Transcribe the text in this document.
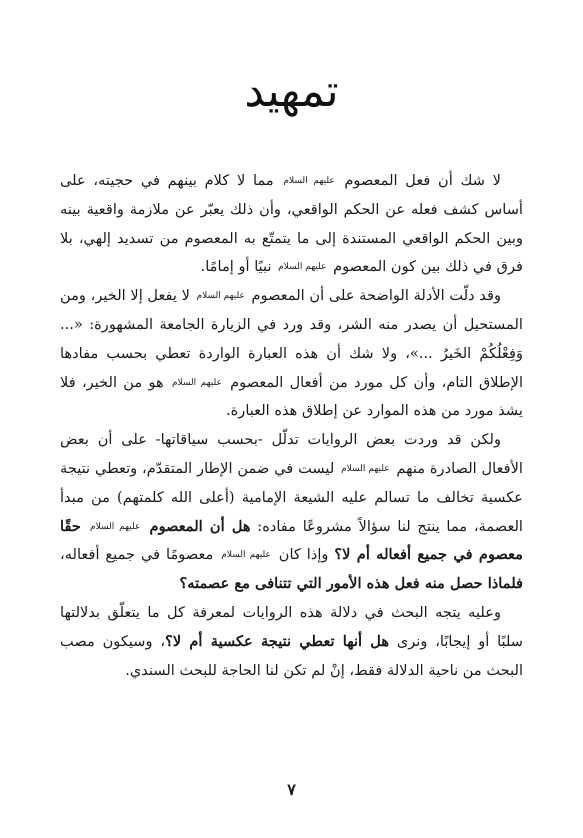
تمهيد

لا شك أن فعل المعصوم عليهم السلام مما لا كلام بينهم في حجيته، على أساس كشف فعله عن الحكم الواقعي، وأن ذلك يعبّر عن ملازمة واقعية بينه وبين الحكم الواقعي المستندة إلى ما يتمتّع به المعصوم من تسديد إلهي، بلا فرق في ذلك بين كون المعصوم عليهم السلام نبيًا أو إمامًا.

وقد دلّت الأدلة الواضحة على أن المعصوم عليهم السلام لا يفعل إلا الخير، ومن المستحيل أن يصدر منه الشر، وقد ورد في الزيارة الجامعة المشهورة: «... وَفِعْلُكُمْ الخَيرُ ...»، ولا شك أن هذه العبارة الواردة تعطي بحسب مفادها الإطلاق التام، وأن كل مورد من أفعال المعصوم عليهم السلام هو من الخير، فلا يشذ مورد من هذه الموارد عن إطلاق هذه العبارة.

ولكن قد وردت بعض الروايات تدلّل -بحسب سياقاتها- على أن بعض الأفعال الصادرة منهم عليهم السلام ليست في ضمن الإطار المتقدّم، وتعطي نتيجة عكسية تخالف ما تسالم عليه الشيعة الإمامية (أعلى الله كلمتهم) من مبدأ العصمة، مما ينتج لنا سؤالاً مشروعًا مفاده: هل أن المعصوم عليهم السلام حقًا معصوم في جميع أفعاله أم لا؟ وإذا كان عليهم السلام معصومًا في جميع أفعاله، فلماذا حصل منه فعل هذه الأمور التي تتنافى مع عصمته؟

وعليه يتجه البحث في دلالة هذه الروايات لمعرفة كل ما يتعلّق بدلالتها سلبًا أو إيجابًا، ونرى هل أنها تعطي نتيجة عكسية أم لا؟، وسيكون مصب البحث من ناحية الدلالة فقط، إنْ لم تكن لنا الحاجة للبحث السندي.

٧
